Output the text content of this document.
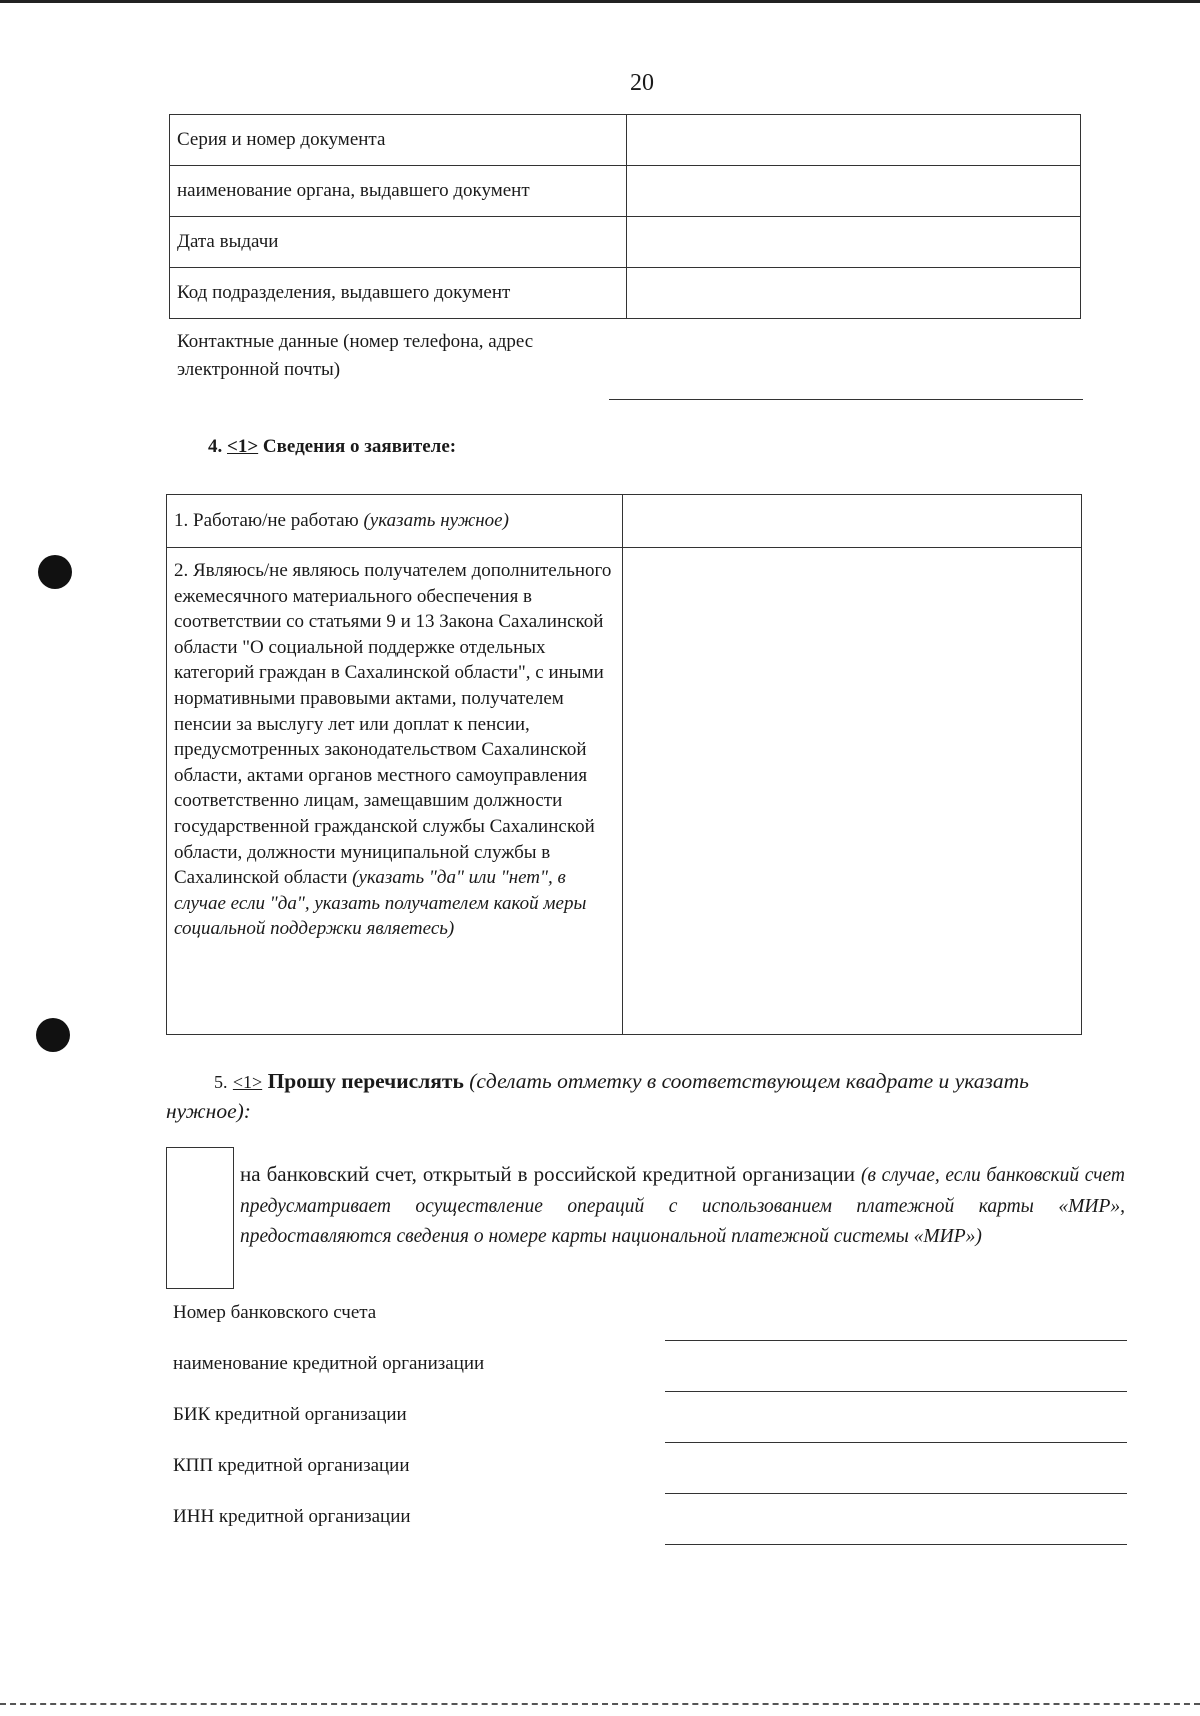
20
Серия и номер документа	
наименование органа, выдавшего документ	
Дата выдачи	
Код подразделения, выдавшего документ	
Контактные данные (номер телефона, адрес
электронной почты)
4. <1> Сведения о заявителе:
1. Работаю/не работаю (указать нужное)	
2. Являюсь/не являюсь получателем дополнительного ежемесячного материального обеспечения в соответствии со статьями 9 и 13 Закона Сахалинской области "О социальной поддержке отдельных категорий граждан в Сахалинской области", с иными нормативными правовыми актами, получателем пенсии за выслугу лет или доплат к пенсии, предусмотренных законодательством Сахалинской области, актами органов местного самоуправления соответственно лицам, замещавшим должности государственной гражданской службы Сахалинской области, должности муниципальной службы в Сахалинской области (указать "да" или "нет", в случае если "да", указать получателем какой меры социальной поддержки являетесь)	
5. <1> Прошу перечислять (сделать отметку в соответствующем квадрате и указать нужное):
на банковский счет, открытый в российской кредитной организации (в случае, если банковский счет предусматривает осуществление операций с использованием платежной карты «МИР», предоставляются сведения о номере карты национальной платежной системы «МИР»)
Номер банковского счета
наименование кредитной организации
БИК кредитной организации
КПП кредитной организации
ИНН кредитной организации
